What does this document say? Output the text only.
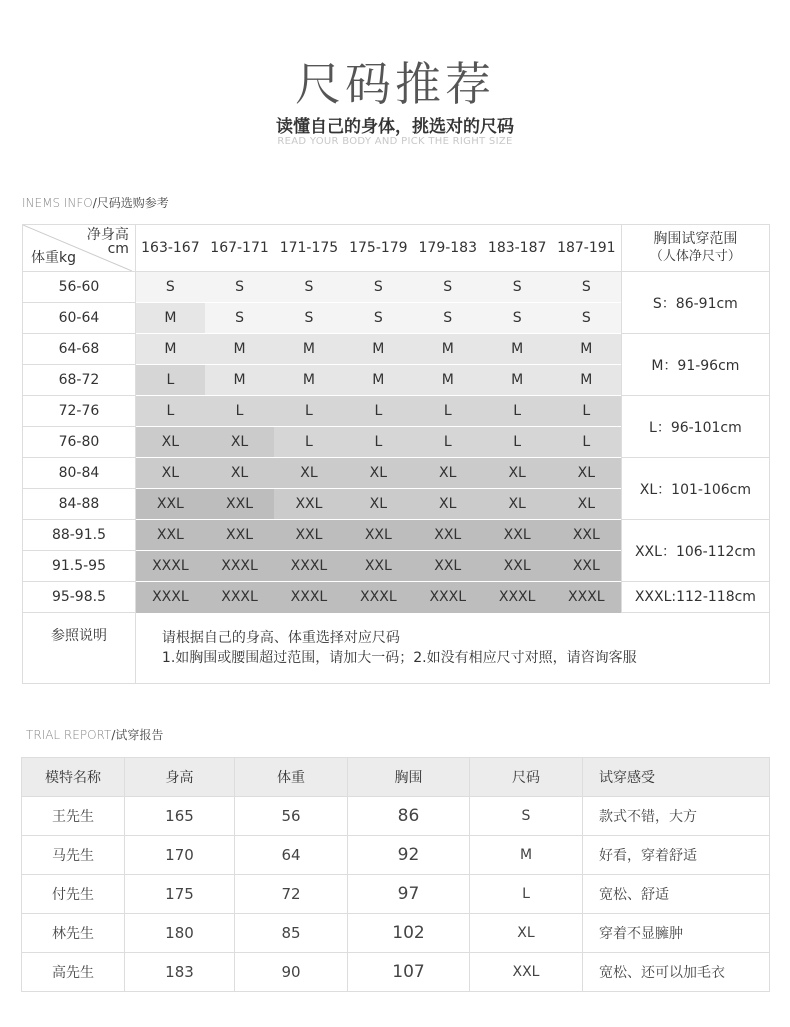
尺码推荐
读懂自己的身体，挑选对的尺码
READ YOUR BODY AND PICK THE RIGHT SIZE
INEMS INFO/尺码选购参考
净身高
cm
体重kg	163-167	167-171	171-175	175-179	179-183	183-187	187-191	胸围试穿范围
（人体净尺寸）
56-60	S	S	S	S	S	S	S	S：86-91cm
60-64	M	S	S	S	S	S	S	
64-68	M	M	M	M	M	M	M	M：91-96cm
68-72	L	M	M	M	M	M	M	
72-76	L	L	L	L	L	L	L	L：96-101cm
76-80	XL	XL	L	L	L	L	L	
80-84	XL	XL	XL	XL	XL	XL	XL	XL：101-106cm
84-88	XXL	XXL	XXL	XL	XL	XL	XL	
88-91.5	XXL	XXL	XXL	XXL	XXL	XXL	XXL	XXL：106-112cm
91.5-95	XXXL	XXXL	XXXL	XXL	XXL	XXL	XXL	
95-98.5	XXXL	XXXL	XXXL	XXXL	XXXL	XXXL	XXXL	XXXL:112-118cm
参照说明	请根据自己的身高、体重选择对应尺码
1.如胸围或腰围超过范围，请加大一码；2.如没有相应尺寸对照，请咨询客服							
TRIAL REPORT/试穿报告
模特名称	身高	体重	胸围	尺码	试穿感受
王先生	165	56	86	S	款式不错，大方
马先生	170	64	92	M	好看，穿着舒适
付先生	175	72	97	L	宽松、舒适
林先生	180	85	102	XL	穿着不显臃肿
高先生	183	90	107	XXL	宽松、还可以加毛衣
